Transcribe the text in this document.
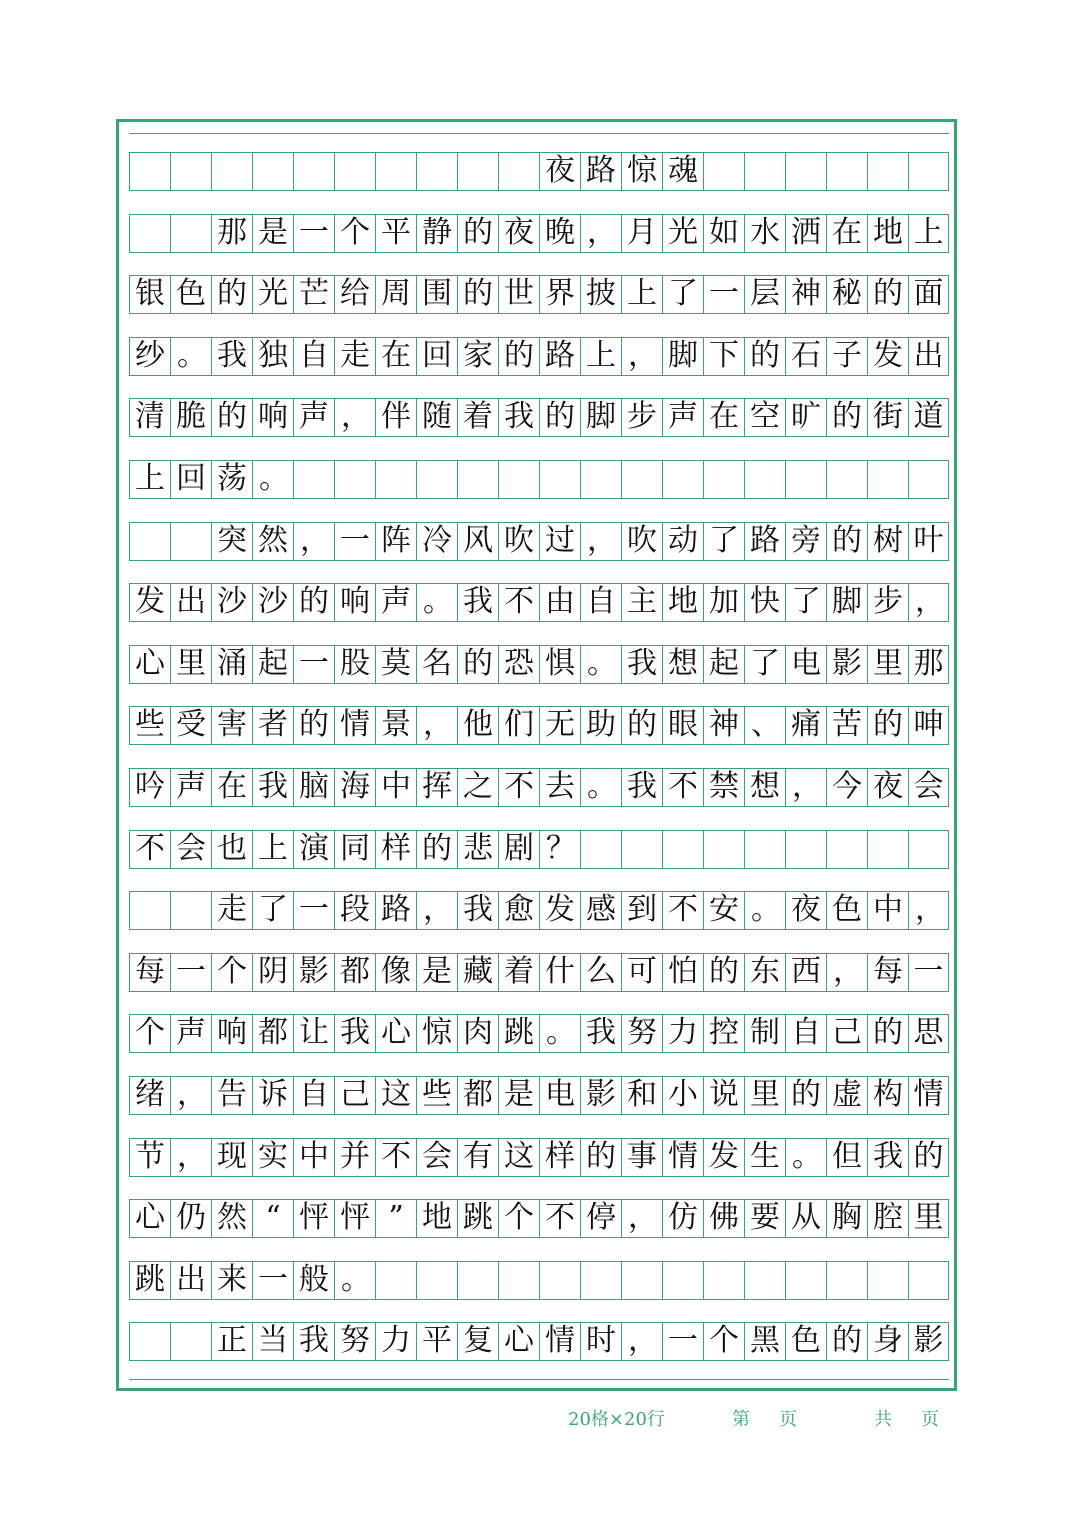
夜 路 惊 魂
那 是 一 个 平 静 的 夜 晚 ， 月 光 如 水 洒 在 地 上
银 色 的 光 芒 给 周 围 的 世 界 披 上 了 一 层 神 秘 的 面
纱 。 我 独 自 走 在 回 家 的 路 上 ， 脚 下 的 石 子 发 出
清 脆 的 响 声 ， 伴 随 着 我 的 脚 步 声 在 空 旷 的 街 道
上 回 荡 。
突 然 ， 一 阵 冷 风 吹 过 ， 吹 动 了 路 旁 的 树 叶
发 出 沙 沙 的 响 声 。 我 不 由 自 主 地 加 快 了 脚 步 ，
心 里 涌 起 一 股 莫 名 的 恐 惧 。 我 想 起 了 电 影 里 那
些 受 害 者 的 情 景 ， 他 们 无 助 的 眼 神 、 痛 苦 的 呻
吟 声 在 我 脑 海 中 挥 之 不 去 。 我 不 禁 想 ， 今 夜 会
不 会 也 上 演 同 样 的 悲 剧 ？
走 了 一 段 路 ， 我 愈 发 感 到 不 安 。 夜 色 中 ，
每 一 个 阴 影 都 像 是 藏 着 什 么 可 怕 的 东 西 ， 每 一
个 声 响 都 让 我 心 惊 肉 跳 。 我 努 力 控 制 自 己 的 思
绪 ， 告 诉 自 己 这 些 都 是 电 影 和 小 说 里 的 虚 构 情
节 ， 现 实 中 并 不 会 有 这 样 的 事 情 发 生 。 但 我 的
心 仍 然 “ 怦 怦 ” 地 跳 个 不 停 ， 仿 佛 要 从 胸 腔 里
跳 出 来 一 般 。
正 当 我 努 力 平 复 心 情 时 ， 一 个 黑 色 的 身 影
20格×20行	第 页	共 页
